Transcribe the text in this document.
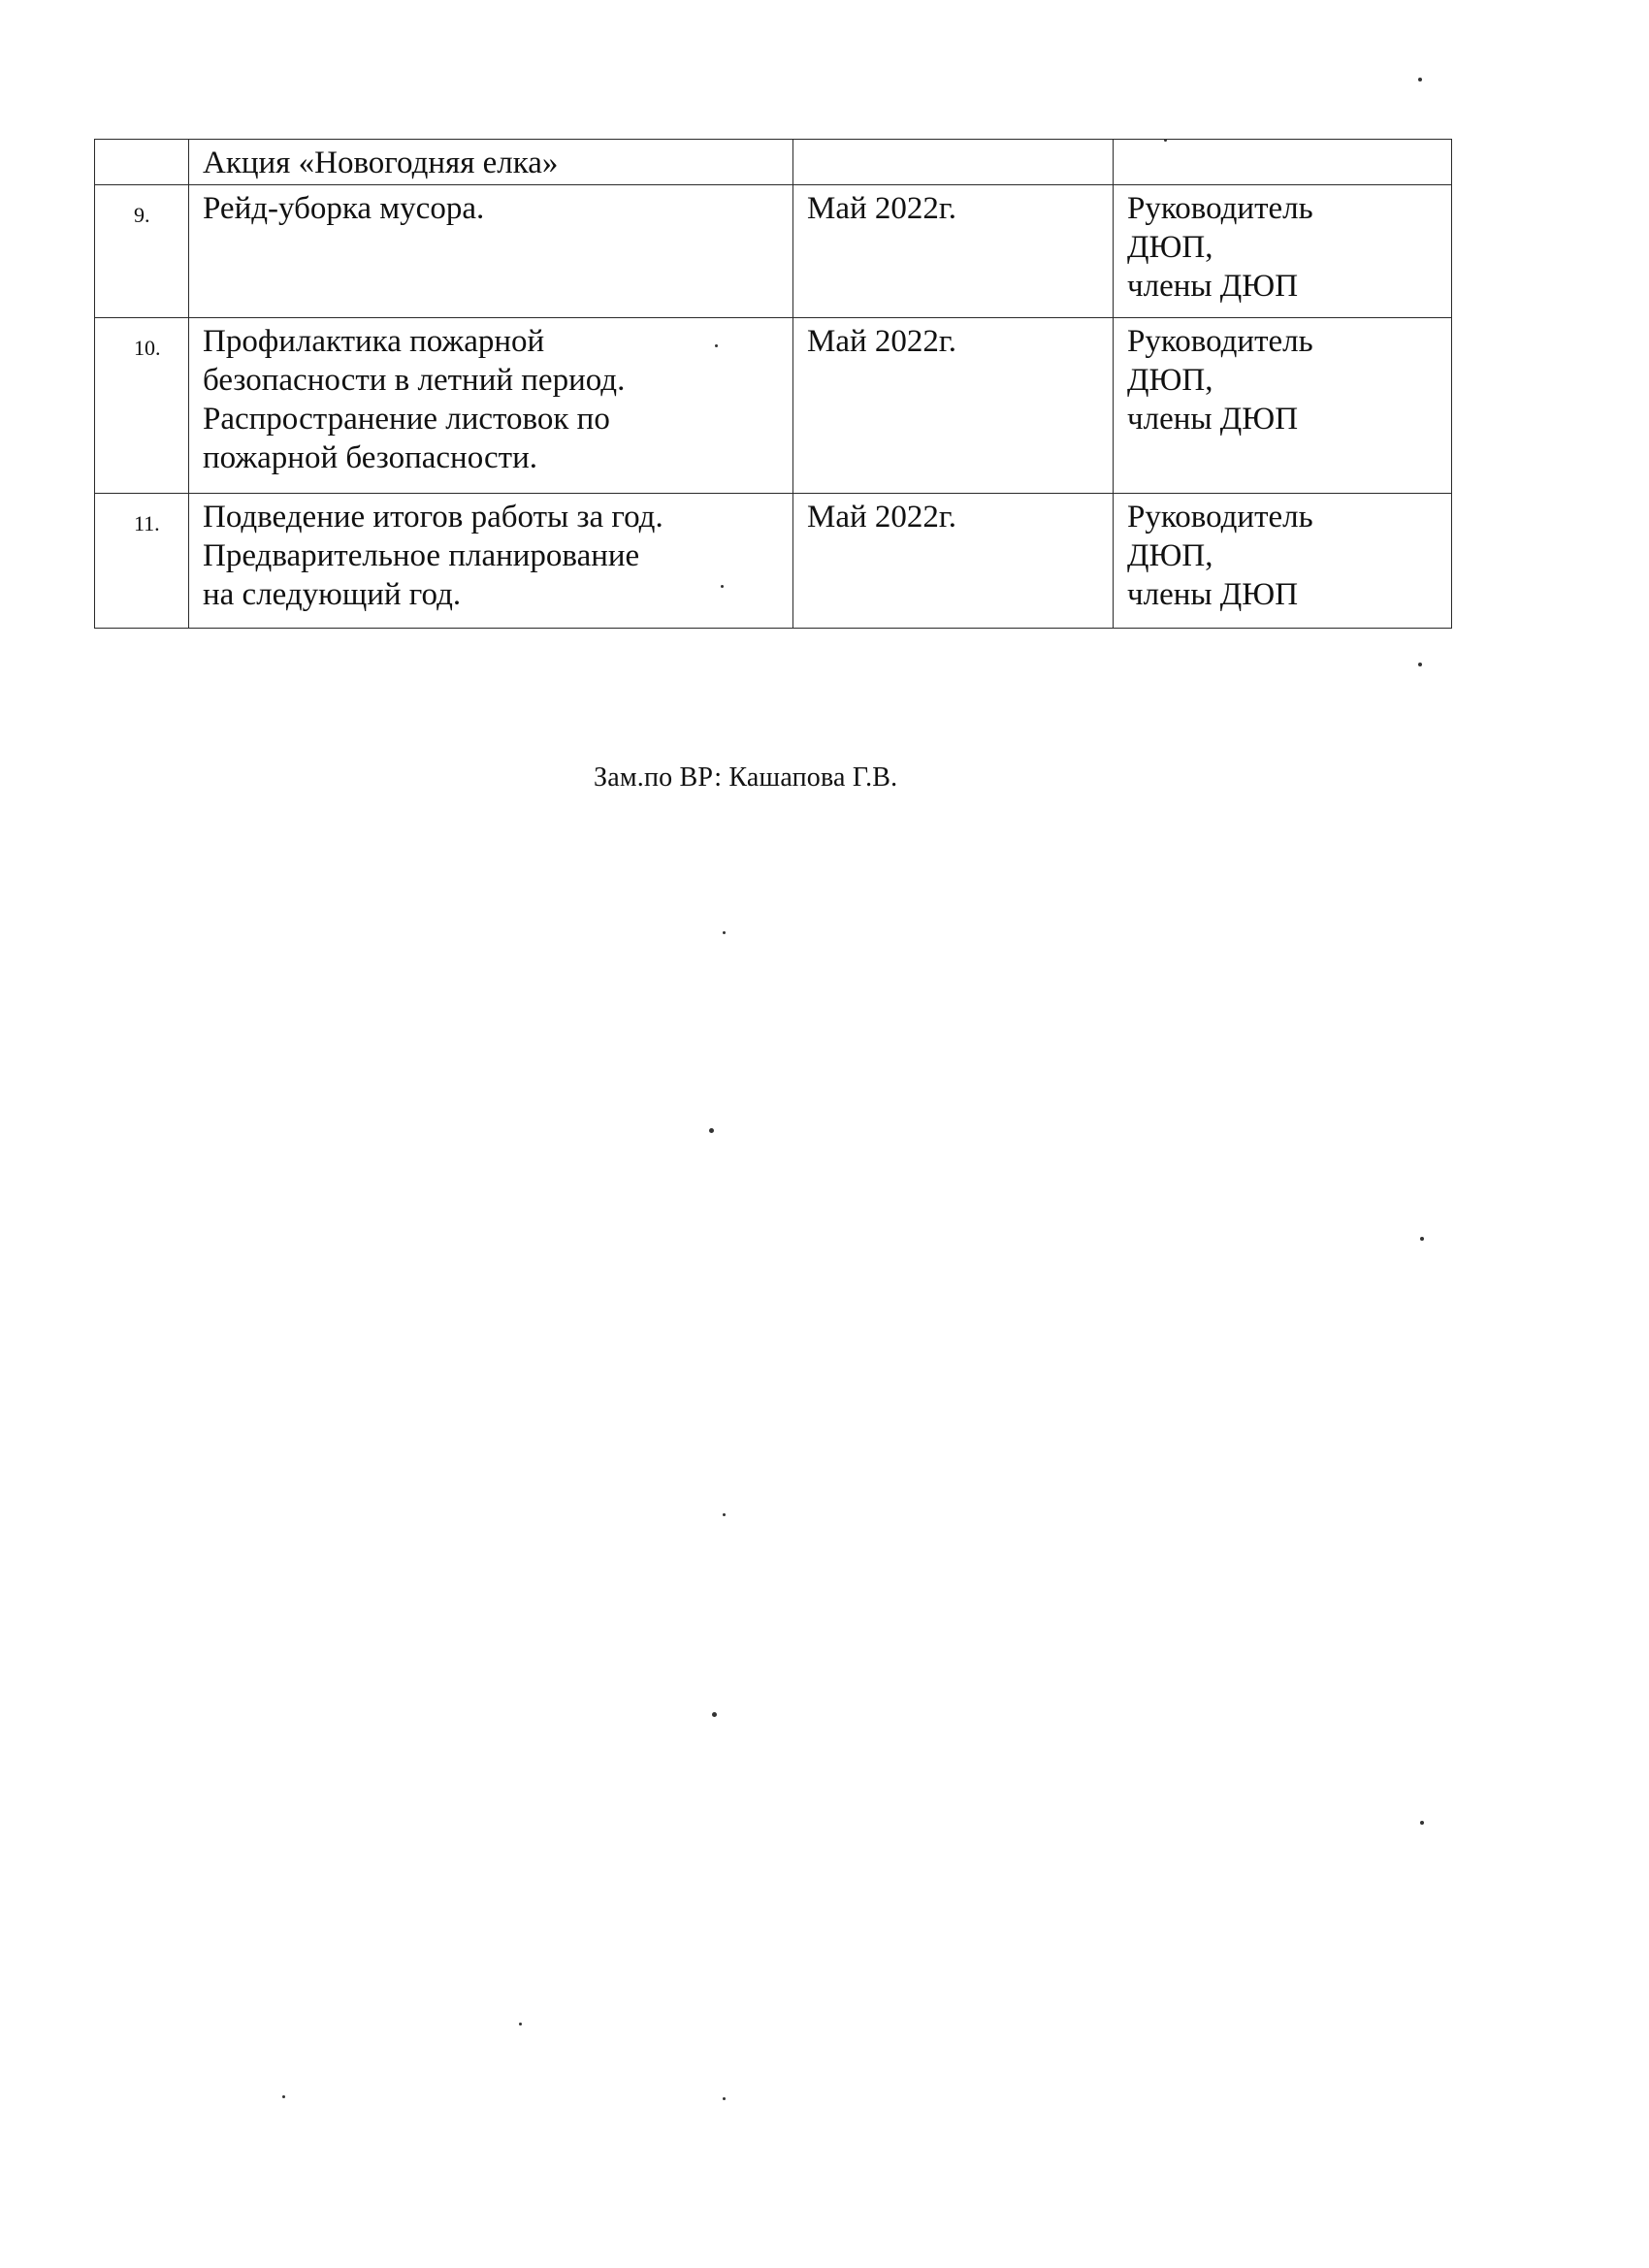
	Акция «Новогодняя елка»		

9.	Рейд-уборка мусора.	Май 2022г.	Руководитель
ДЮП,
члены ДЮП

10.	Профилактика пожарной
безопасности в летний период.
Распространение листовок по
пожарной безопасности.	Май 2022г.	Руководитель
ДЮП,
члены ДЮП

11.	Подведение итогов работы за год.
Предварительное планирование
на следующий год.	Май 2022г.	Руководитель
ДЮП,
члены ДЮП
Зам.по ВР: Кашапова Г.В.
